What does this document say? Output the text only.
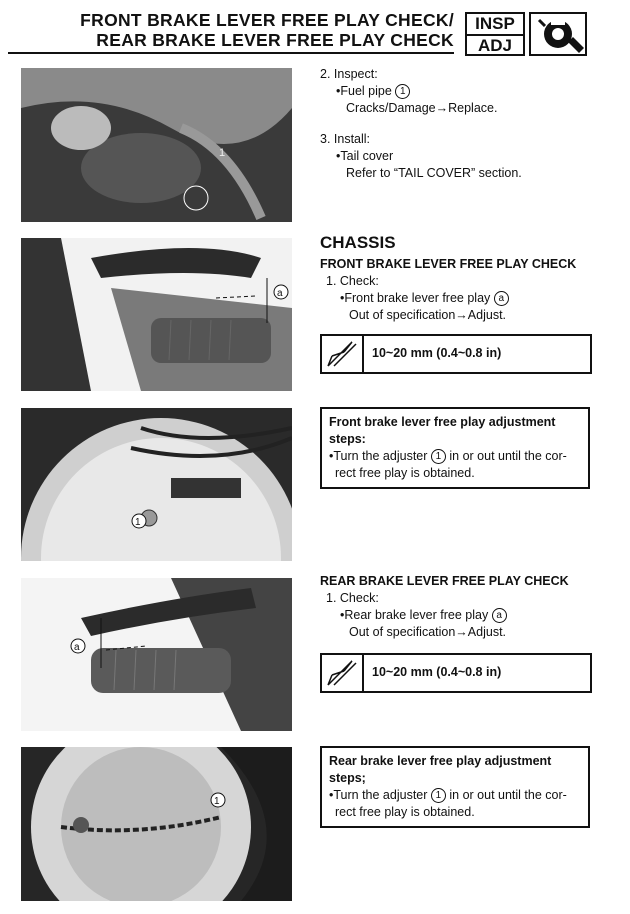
FRONT BRAKE LEVER FREE PLAY CHECK/
REAR BRAKE LEVER FREE PLAY CHECK
INSP
ADJ
1
a
1
a
1
2. Inspect:
•Fuel pipe 1
Cracks/Damage→Replace.
3. Install:
•Tail cover
Refer to “TAIL COVER” section.
CHASSIS
FRONT BRAKE LEVER FREE PLAY CHECK
1. Check:
•Front brake lever free play a
Out of specification→Adjust.
10~20 mm (0.4~0.8 in)
Front brake lever free play adjustment steps:
•Turn the adjuster 1 in or out until the cor-
rect free play is obtained.
REAR BRAKE LEVER FREE PLAY CHECK
1. Check:
•Rear brake lever free play a
Out of specification→Adjust.
10~20 mm (0.4~0.8 in)
Rear brake lever free play adjustment steps;
•Turn the adjuster 1 in or out until the cor-
rect free play is obtained.
